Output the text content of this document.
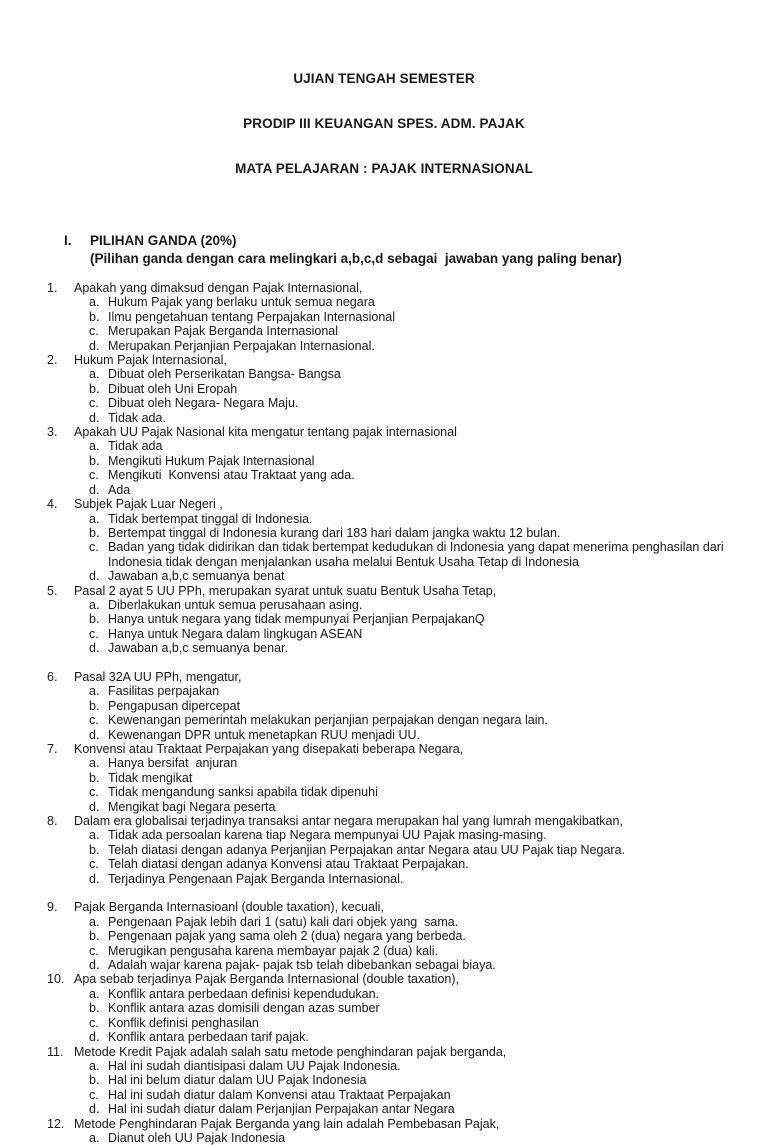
UJIAN TENGAH SEMESTER

PRODIP III KEUANGAN SPES. ADM. PAJAK

MATA PELAJARAN : PAJAK INTERNASIONAL

I.	PILIHAN GANDA (20%)
(Pilihan ganda dengan cara melingkari a,b,c,d sebagai  jawaban yang paling benar)
1.	Apakah yang dimaksud dengan Pajak Internasional,
a. Hukum Pajak yang berlaku untuk semua negara
b. Ilmu pengetahuan tentang Perpajakan Internasional
c. Merupakan Pajak Berganda Internasional
d. Merupakan Perjanjian Perpajakan Internasional.
2.	Hukum Pajak Internasional,
a. Dibuat oleh Perserikatan Bangsa- Bangsa
b. Dibuat oleh Uni Eropah
c. Dibuat oleh Negara- Negara Maju.
d. Tidak ada.
3.	Apakah UU Pajak Nasional kita mengatur tentang pajak internasional
a. Tidak ada
b. Mengikuti Hukum Pajak Internasional
c. Mengikuti  Konvensi atau Traktaat yang ada.
d. Ada
4.	Subjek Pajak Luar Negeri ,
a. Tidak bertempat tinggal di Indonesia.
b. Bertempat tinggal di Indonesia kurang dari 183 hari dalam jangka waktu 12 bulan.
c. Badan yang tidak didirikan dan tidak bertempat kedudukan di Indonesia yang dapat menerima penghasilan dari Indonesia tidak dengan menjalankan usaha melalui Bentuk Usaha Tetap di Indonesia
d. Jawaban a,b,c semuanya benat
5.	Pasal 2 ayat 5 UU PPh, merupakan syarat untuk suatu Bentuk Usaha Tetap,
a. Diberlakukan untuk semua perusahaan asing.
b. Hanya untuk negara yang tidak mempunyai Perjanjian PerpajakanQ
c. Hanya untuk Negara dalam lingkugan ASEAN
d. Jawaban a,b,c semuanya benar.
6.	Pasal 32A UU PPh, mengatur,
a. Fasilitas perpajakan
b. Pengapusan dipercepat
c. Kewenangan pemerintah melakukan perjanjian perpajakan dengan negara lain.
d. Kewenangan DPR untuk menetapkan RUU menjadi UU.
7.	Konvensi atau Traktaat Perpajakan yang disepakati beberapa Negara,
a. Hanya bersifat  anjuran
b. Tidak mengikat
c. Tidak mengandung sanksi apabila tidak dipenuhi
d. Mengikat bagi Negara peserta
8.	Dalam era globalisai terjadinya transaksi antar negara merupakan hal yang lumrah mengakibatkan,
a. Tidak ada persoalan karena tiap Negara mempunyai UU Pajak masing-masing.
b. Telah diatasi dengan adanya Perjanjian Perpajakan antar Negara atau UU Pajak tiap Negara.
c. Telah diatasi dengan adanya Konvensi atau Traktaat Perpajakan.
d. Terjadinya Pengenaan Pajak Berganda Internasional.
9.	Pajak Berganda Internasioanl (double taxation), kecuali,
a. Pengenaan Pajak lebih dari 1 (satu) kali dari objek yang  sama.
b. Pengenaan pajak yang sama oleh 2 (dua) negara yang berbeda.
c. Merugikan pengusaha karena membayar pajak 2 (dua) kali.
d. Adalah wajar karena pajak- pajak tsb telah dibebankan sebagai biaya.
10. Apa sebab terjadinya Pajak Berganda Internasional (double taxation),
a. Konflik antara perbedaan definisi kependudukan.
b. Konflik antara azas domisili dengan azas sumber
c. Konflik definisi penghasilan
d. Konflik antara perbedaan tarif pajak.
11. Metode Kredit Pajak adalah salah satu metode penghindaran pajak berganda,
a. Hal ini sudah diantisipasi dalam UU Pajak Indonesia.
b. Hal ini belum diatur dalam UU Pajak Indonesia
c. Hal ini sudah diatur dalam Konvensi atau Traktaat Perpajakan
d. Hal ini sudah diatur dalam Perjanjian Perpajakan antar Negara
12. Metode Penghindaran Pajak Berganda yang lain adalah Pembebasan Pajak,
a. Dianut oleh UU Pajak Indonesia
